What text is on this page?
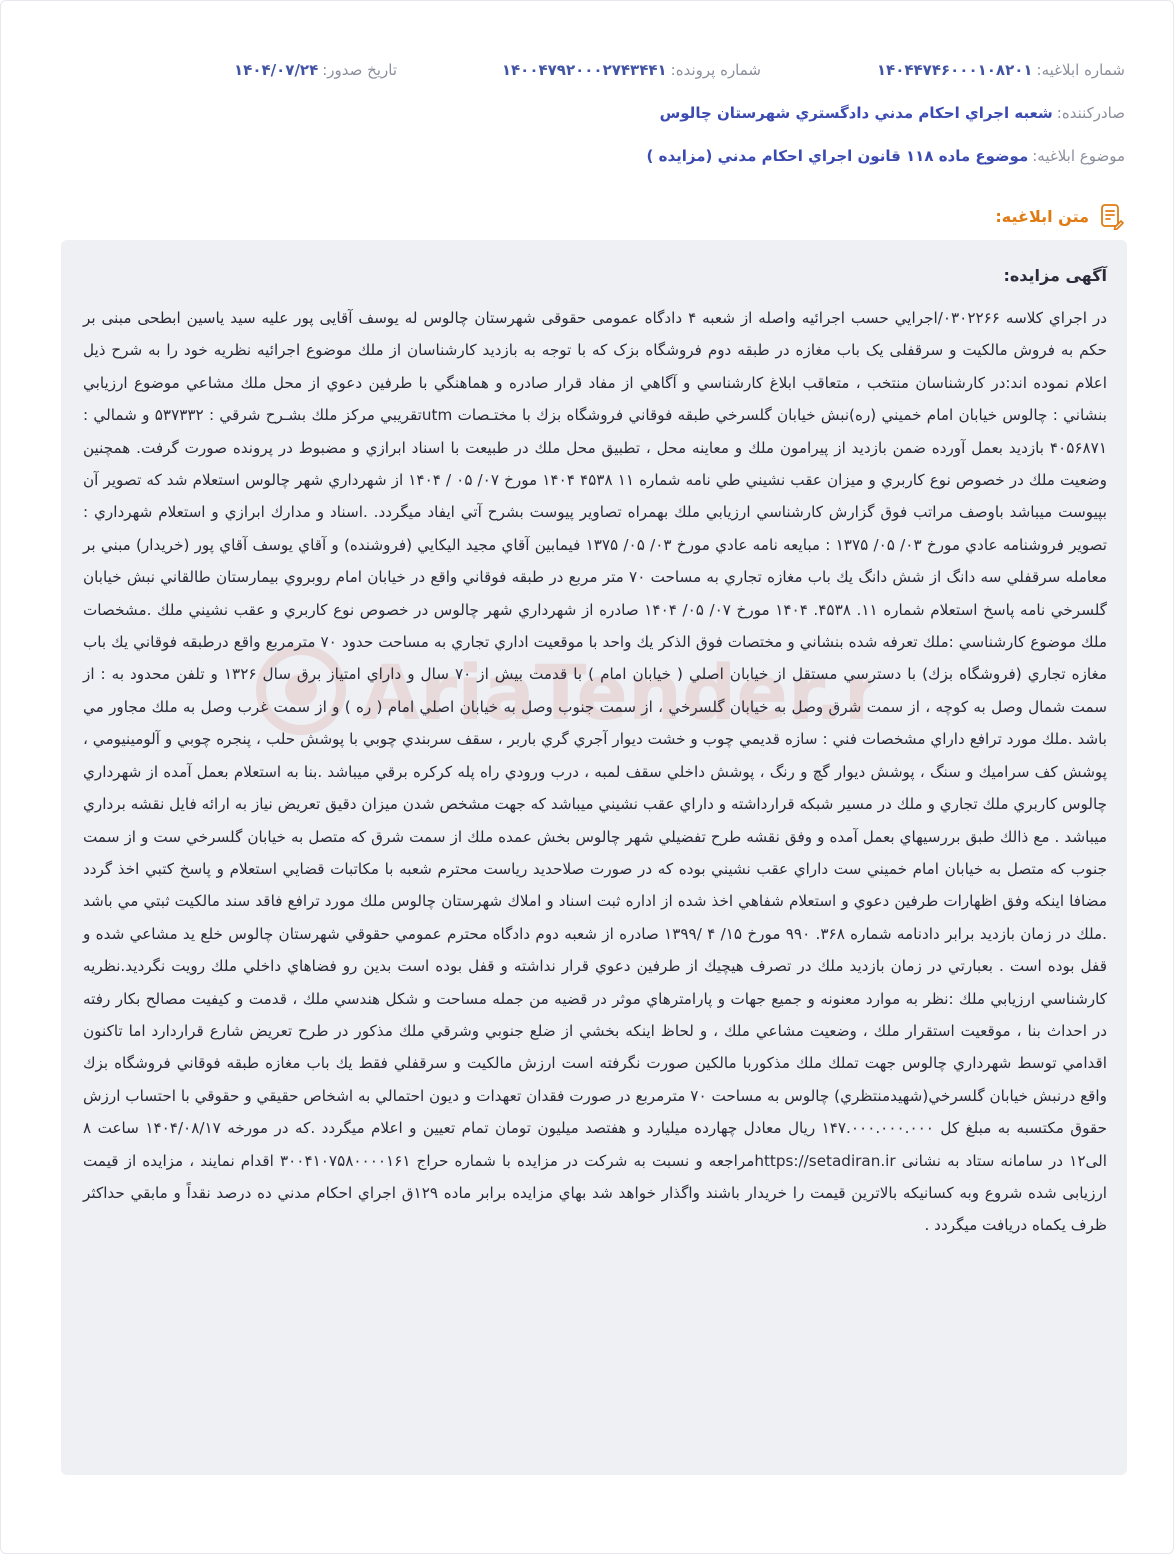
شماره ابلاغيه:
۱۴۰۴۴۷۴۶۰۰۰۱۰۸۲۰۱
شماره پرونده:
۱۴۰۰۴۷۹۲۰۰۰۲۷۴۳۴۴۱
تاريخ صدور:
۱۴۰۴/۰۷/۲۴
صادركننده:
شعبه اجراي احكام مدني دادگستري شهرستان چالوس
موضوع ابلاغيه:
موضوع ماده ۱۱۸ قانون اجراي احكام مدني (مزايده )
متن ابلاغيه:
AriaTender.n

آگهی مزایده:

در اجراي كلاسه ۰۳۰۲۲۶۶/اجرايي حسب اجرائيه واصله از شعبه ۴ دادگاه عمومی حقوقی شهرستان چالوس له یوسف آقایی پور علیه سید یاسین ابطحی مبنی بر حکم به فروش مالکیت و سرقفلی یک باب مغازه در طبقه دوم فروشگاه بزک که با توجه به بازديد كارشناسان از ملك موضوع اجرائيه نظريه خود را به شرح ذيل اعلام نموده اند:در كارشناسان منتخب ، متعاقب ابلاغ كارشناسي و آگاهي از مفاد قرار صادره و هماهنگي با طرفين دعوي از محل ملك مشاعي موضوع ارزيابي بنشاني : چالوس خيابان امام خميني (ره)نبش خيابان گلسرخي طبقه فوقاني فروشگاه بزك با مختـصات utmتقريبي مركز ملك بشـرح شرقي : ۵۳۷۳۳۲ و شمالي : ۴۰۵۶۸۷۱ بازديد بعمل آورده ضمن بازديد از پيرامون ملك و معاينه محل ، تطبيق محل ملك در طبيعت با اسناد ابرازي و مضبوط در پرونده صورت گرفت. همچنين وضعيت ملك در خصوص نوع كاربري و ميزان عقب نشيني طي نامه شماره ۱۱ ۴۵۳۸ ۱۴۰۴ مورخ ۰۷/ ۰۵ / ۱۴۰۴ از شهرداري شهر چالوس استعلام شد كه تصوير آن بپيوست ميباشد باوصف مراتب فوق گزارش كارشناسي ارزيابي ملك بهمراه تصاوير پيوست بشرح آتي ايفاد ميگردد. .اسناد و مدارك ابرازي و استعلام شهرداري : تصوير فروشنامه عادي مورخ ۰۳/ ۰۵/ ۱۳۷۵ : مبايعه نامه عادي مورخ ۰۳/ ۰۵/ ۱۳۷۵ فيمابين آقاي مجيد اليكايي (فروشنده) و آقاي يوسف آقاي پور (خريدار) مبني بر معامله سرقفلي سه دانگ از شش دانگ يك باب مغازه تجاري به مساحت ۷۰ متر مربع در طبقه فوقاني واقع در خيابان امام روبروي بيمارستان طالقاني نبش خيابان گلسرخي نامه پاسخ استعلام شماره ۱۱. ۴۵۳۸. ۱۴۰۴ مورخ ۰۷/ ۰۵/ ۱۴۰۴ صادره از شهرداري شهر چالوس در خصوص نوع كاربري و عقب نشيني ملك .مشخصات ملك موضوع كارشناسي :ملك تعرفه شده بنشاني و مختصات فوق الذكر يك واحد با موقعيت اداري تجاري به مساحت حدود ۷۰ مترمربع واقع درطبقه فوقاني يك باب مغازه تجاري (فروشگاه بزك) با دسترسي مستقل از خيابان اصلي ( خيابان امام ) با قدمت بيش از ۷۰ سال و داراي امتياز برق سال ۱۳۲۶ و تلفن محدود به : از سمت شمال وصل به كوچه ، از سمت شرق وصل به خيابان گلسرخي ، از سمت جنوب وصل به خيابان اصلي امام ( ره ) و از سمت غرب وصل به ملك مجاور مي باشد .ملك مورد ترافع داراي مشخصات فني : سازه قديمي چوب و خشت ديوار آجري گري باربر ، سقف سربندي چوبي با پوشش حلب ، پنجره چوبي و آلومينيومي ، پوشش كف سراميك و سنگ ، پوشش ديوار گچ و رنگ ، پوشش داخلي سقف لمبه ، درب ورودي راه پله كركره برقي ميباشد .بنا به استعلام بعمل آمده از شهرداري چالوس كاربري ملك تجاري و ملك در مسير شبكه قرارداشته و داراي عقب نشيني ميباشد كه جهت مشخص شدن ميزان دقيق تعريض نياز به ارائه فايل نقشه برداري ميباشد . مع ذالك طبق بررسيهاي بعمل آمده و وفق نقشه طرح تفضيلي شهر چالوس بخش عمده ملك از سمت شرق كه متصل به خيابان گلسرخي ست و از سمت جنوب كه متصل به خيابان امام خميني ست داراي عقب نشيني بوده كه در صورت صلاحديد رياست محترم شعبه با مكاتبات قضايي استعلام و پاسخ كتبي اخذ گردد مضافا اينكه وفق اظهارات طرفين دعوي و استعلام شفاهي اخذ شده از اداره ثبت اسناد و املاك شهرستان چالوس ملك مورد ترافع فاقد سند مالكيت ثبتي مي باشد .ملك در زمان بازديد برابر دادنامه شماره ۳۶۸. ۹۹۰ مورخ ۱۵/ ۴ /۱۳۹۹ صادره از شعبه دوم دادگاه محترم عمومي حقوقي شهرستان چالوس خلع يد مشاعي شده و قفل بوده است . بعبارتي در زمان بازديد ملك در تصرف هيچيك از طرفين دعوي قرار نداشته و قفل بوده است بدين رو فضاهاي داخلي ملك رويت نگرديد.نظريه كارشناسي ارزيابي ملك :نظر به موارد معنونه و جميع جهات و پارامترهاي موثر در قضيه من جمله مساحت و شكل هندسي ملك ، قدمت و كيفيت مصالح بكار رفته در احداث بنا ، موقعيت استقرار ملك ، وضعيت مشاعي ملك ، و لحاظ اينكه بخشي از ضلع جنوبي وشرقي ملك مذكور در طرح تعريض شارع قراردارد اما تاكنون اقدامي توسط شهرداري چالوس جهت تملك ملك مذكوربا مالكين صورت نگرفته است ارزش مالكيت و سرقفلي فقط يك باب مغازه طبقه فوقاني فروشگاه بزك واقع درنبش خيابان گلسرخي(شهيدمنتظري) چالوس به مساحت ۷۰ مترمربع در صورت فقدان تعهدات و ديون احتمالي به اشخاص حقيقي و حقوقي با احتساب ارزش حقوق مكتسبه به مبلغ كل ۱۴۷.۰۰۰.۰۰۰.۰۰۰ ريال معادل چهارده ميليارد و هفتصد ميليون تومان تمام تعيين و اعلام ميگردد .كه در مورخه ۱۴۰۴/۰۸/۱۷ ساعت ۸ الی۱۲ در سامانه ستاد به نشانی https://setadiran.irمراجعه و نسبت به شرکت در مزایده با شماره حراج ۳۰۰۴۱۰۷۵۸۰۰۰۰۱۶۱ اقدام نمایند ، مزایده از قیمت ارزیابی شده شروع وبه کسانیکه بالاترین قیمت را خریدار باشند واگذار خواهد شد بهاي مزايده برابر ماده ۱۲۹ق اجراي احكام مدني ده درصد نقداً و مابقي حداكثر ظرف يكماه دريافت ميگردد .
